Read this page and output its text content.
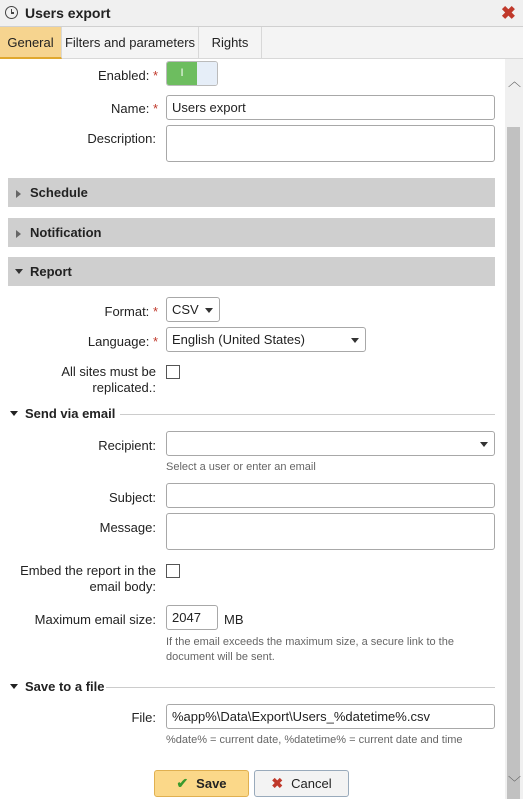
Users export	✖
General Filters and parameters	Rights
Enabled: *	I
Name: *	Users export
Description:
Schedule
Notification
Report
Format: *	CSV
Language: *	English (United States)
All sites must be
replicated.:
Send via email
Recipient:
Select a user or enter an email
Subject:
Message:
Embed the report in the
email body:
Maximum email size:	2047	MB
If the email exceeds the maximum size, a secure link to the
document will be sent.
Save to a file
File:	%app%\Data\Export\Users_%datetime%.csv
%date% = current date, %datetime% = current date and time
✔ Save	✖ Cancel
︿
﹀
